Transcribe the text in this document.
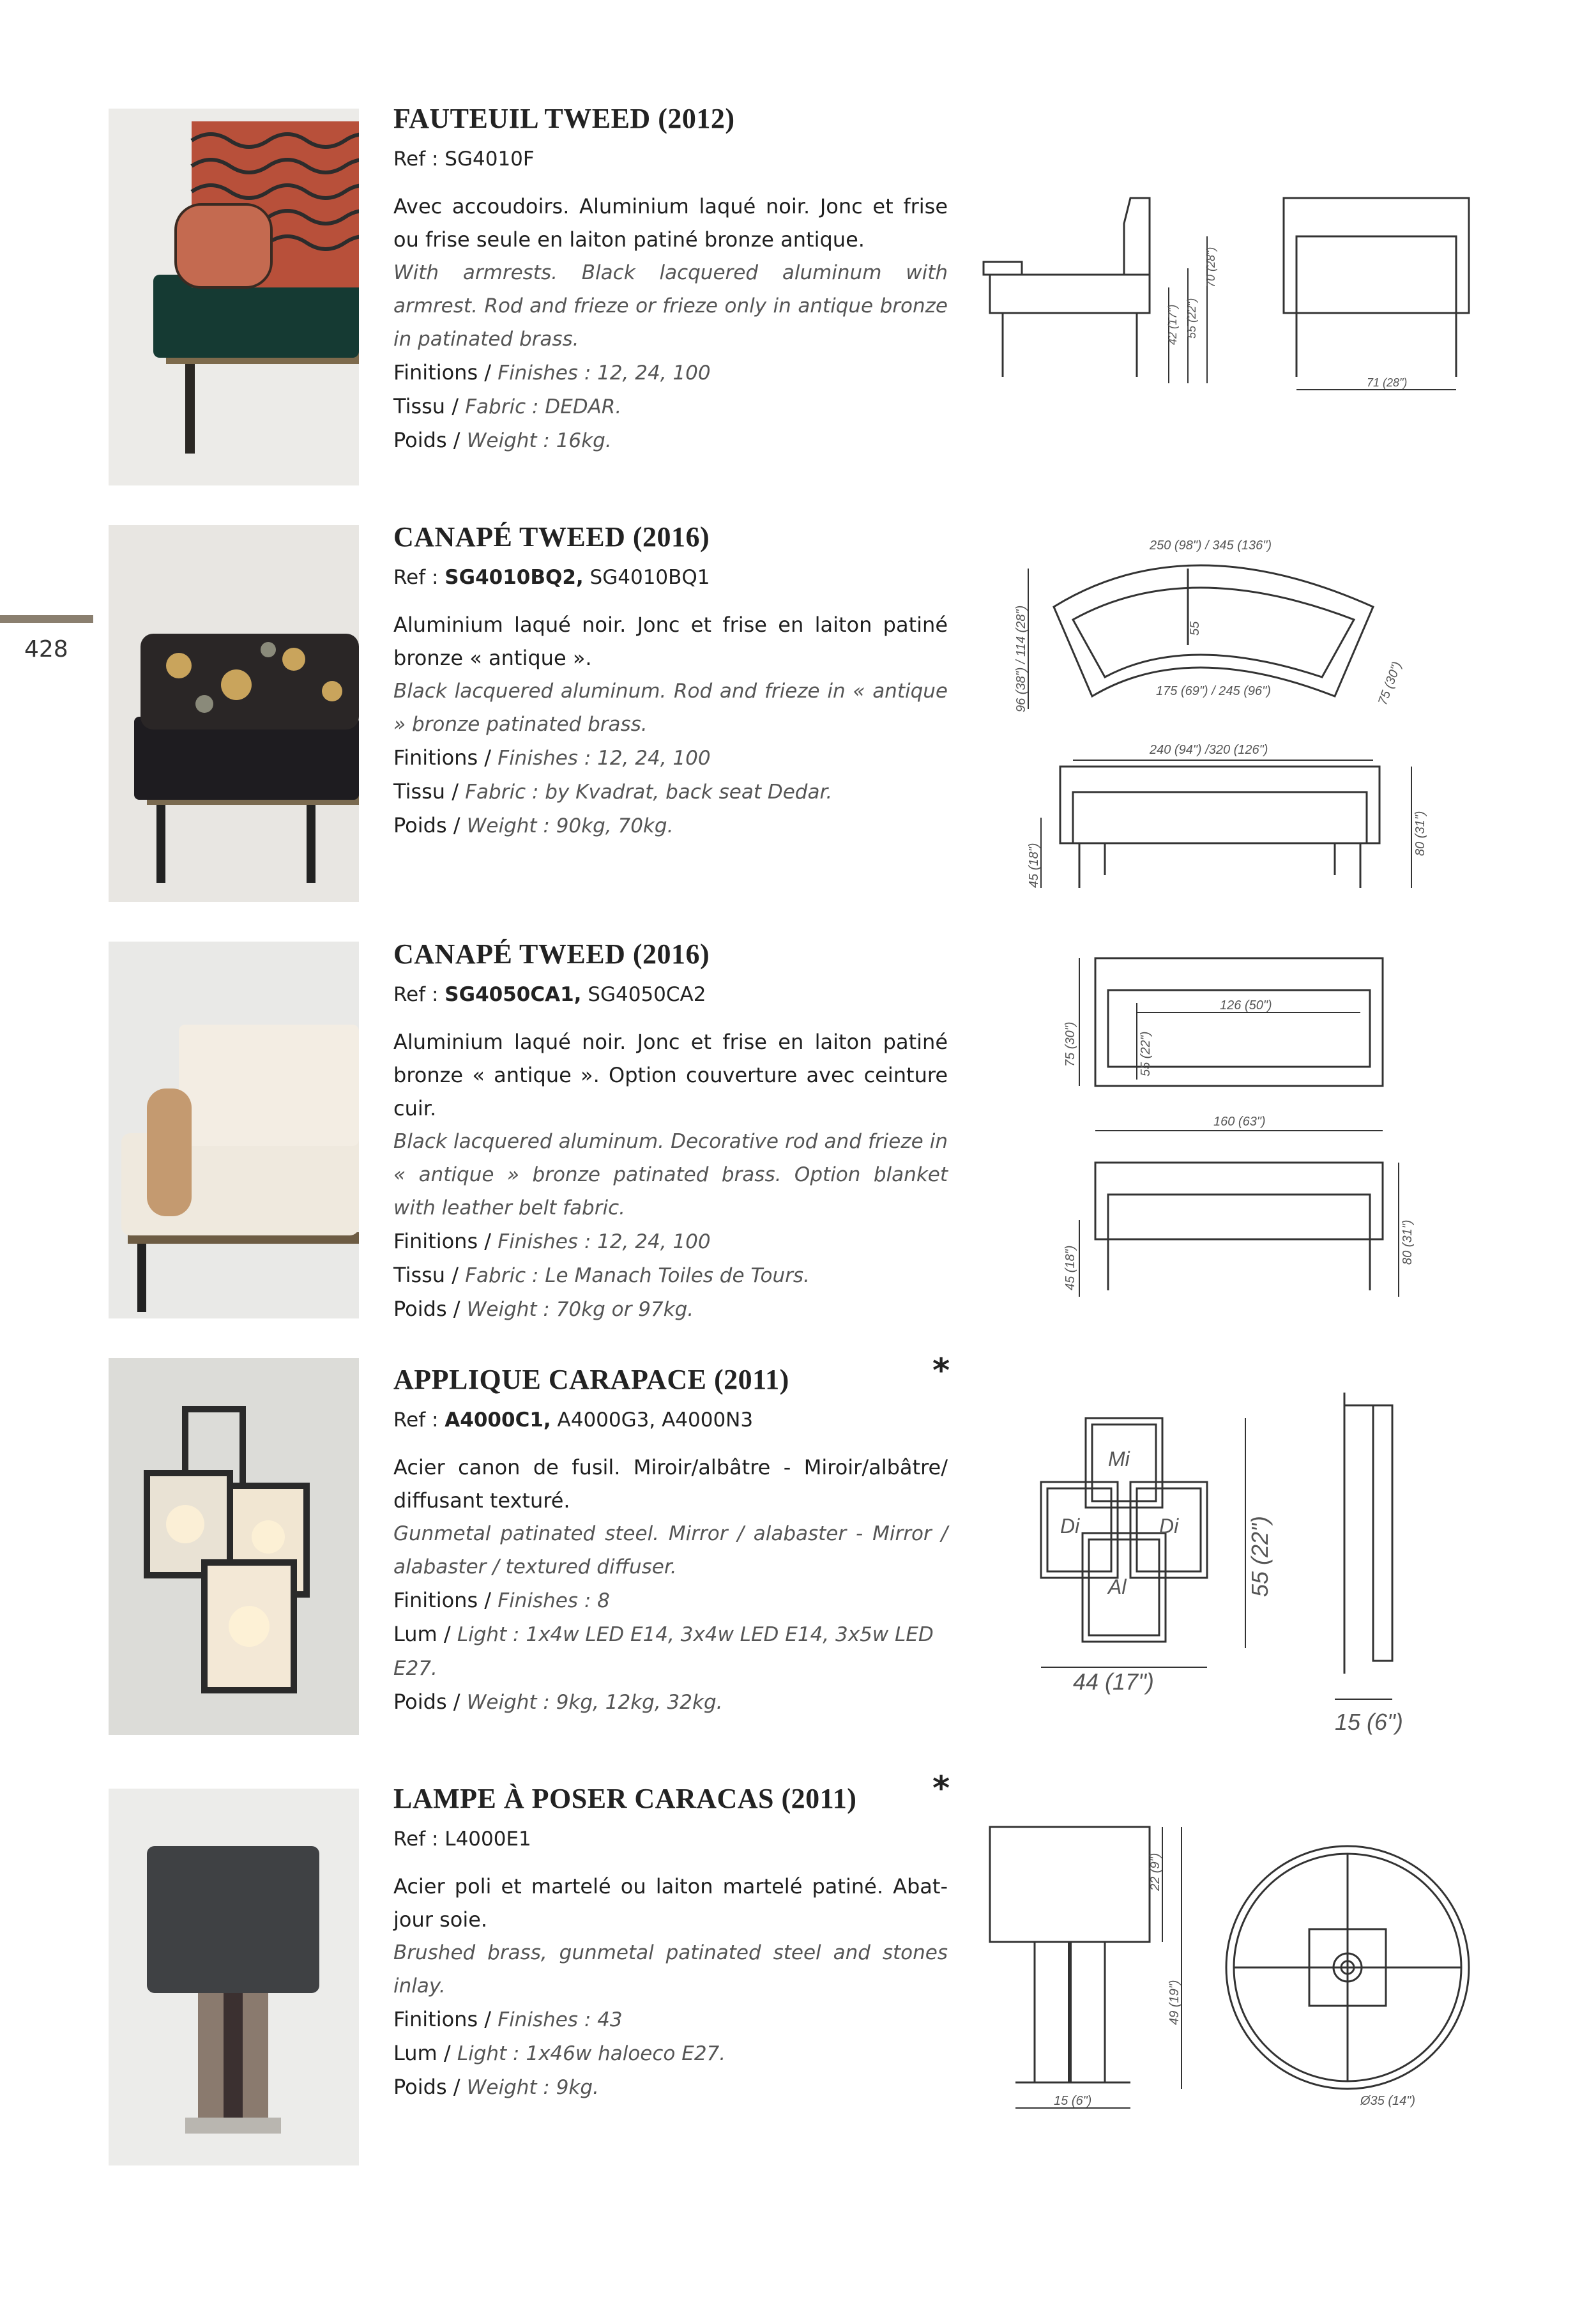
428
FAUTEUIL TWEED (2012)
Ref : SG4010F

Avec accoudoirs. Aluminium laqué noir. Jonc et frise ou frise seule en laiton patiné bronze antique.

With armrests. Black lacquered aluminum with armrest. Rod and frieze or frieze only in antique bronze in patinated brass.

Finitions / Finishes : 12, 24, 100

Tissu / Fabric : DEDAR.

Poids / Weight : 16kg.

42 (17") 55 (22")
70 (28")
71 (28")
CANAPÉ TWEED (2016)
Ref : SG4010BQ2, SG4010BQ1

Aluminium laqué noir. Jonc et frise en laiton patiné bronze « antique ».

Black lacquered aluminum. Rod and frieze in « antique » bronze patinated brass.

Finitions / Finishes : 12, 24, 100

Tissu / Fabric : by Kvadrat, back seat Dedar.

Poids / Weight : 90kg, 70kg.

250 (98") / 345 (136")
96 (38") / 114 (28")	55
175 (69") / 245 (96")	75 (30")
240 (94") /320 (126")
45 (18")
80 (31")
CANAPÉ TWEED (2016)
Ref : SG4050CA1, SG4050CA2

Aluminium laqué noir. Jonc et frise en laiton patiné bronze « antique ». Option couverture avec ceinture cuir.

Black lacquered aluminum. Decorative rod and frieze in « antique » bronze patinated brass. Option blanket with leather belt fabric.

Finitions / Finishes : 12, 24, 100

Tissu / Fabric : Le Manach Toiles de Tours.

Poids / Weight : 70kg or 97kg.

75 (30")
126 (50")
55 (22")
160 (63")
45 (18")
80 (31")
APPLIQUE CARAPACE (2011)
Ref : A4000C1, A4000G3, A4000N3

Acier canon de fusil. Miroir/albâtre - Miroir/albâtre/ diffusant texturé.

Gunmetal patinated steel. Mirror / alabaster - Mirror / alabaster / textured diffuser.

Finitions / Finishes : 8

Lum / Light : 1x4w LED E14, 3x4w LED E14, 3x5w LED E27.

Poids / Weight : 9kg, 12kg, 32kg.

*
Mi
Di	Di
Al	55 (22")
44 (17")
15 (6")
LAMPE À POSER CARACAS (2011)
Ref : L4000E1

Acier poli et martelé ou laiton martelé patiné. Abat-jour soie.

Brushed brass, gunmetal patinated steel and stones inlay.

Finitions / Finishes : 43

Lum / Light : 1x46w haloeco E27.

Poids / Weight : 9kg.

*
22 (9")
49 (19")
15 (6")	Ø35 (14")
